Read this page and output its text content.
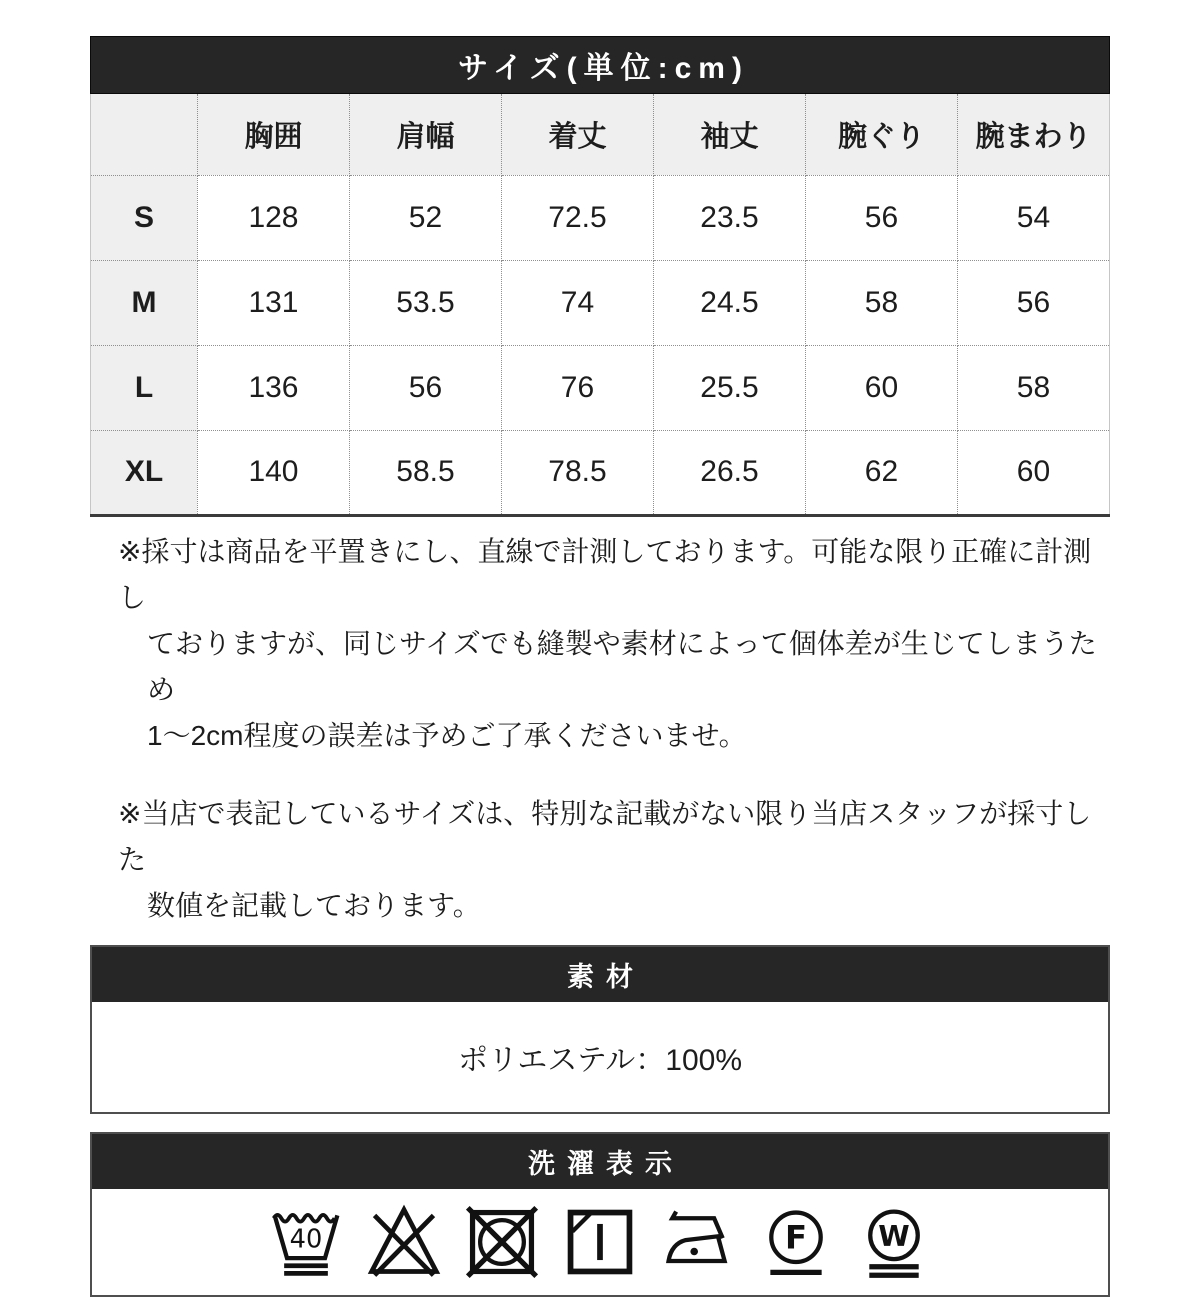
サイズ(単位:cm)
	胸囲	肩幅	着丈	袖丈	腕ぐり	腕まわり
S	128	52	72.5	23.5	56	54
M	131	53.5	74	24.5	58	56
L	136	56	76	25.5	60	58
XL	140	58.5	78.5	26.5	62	60
※採寸は商品を平置きにし、直線で計測しております。可能な限り正確に計測し
ておりますが、同じサイズでも縫製や素材によって個体差が生じてしまうため
1〜2cm程度の誤差は予めご了承くださいませ。
※当店で表記しているサイズは、特別な記載がない限り当店スタッフが採寸した
数値を記載しております。
素材
ポリエステル：100%
洗濯表示
40	F W
